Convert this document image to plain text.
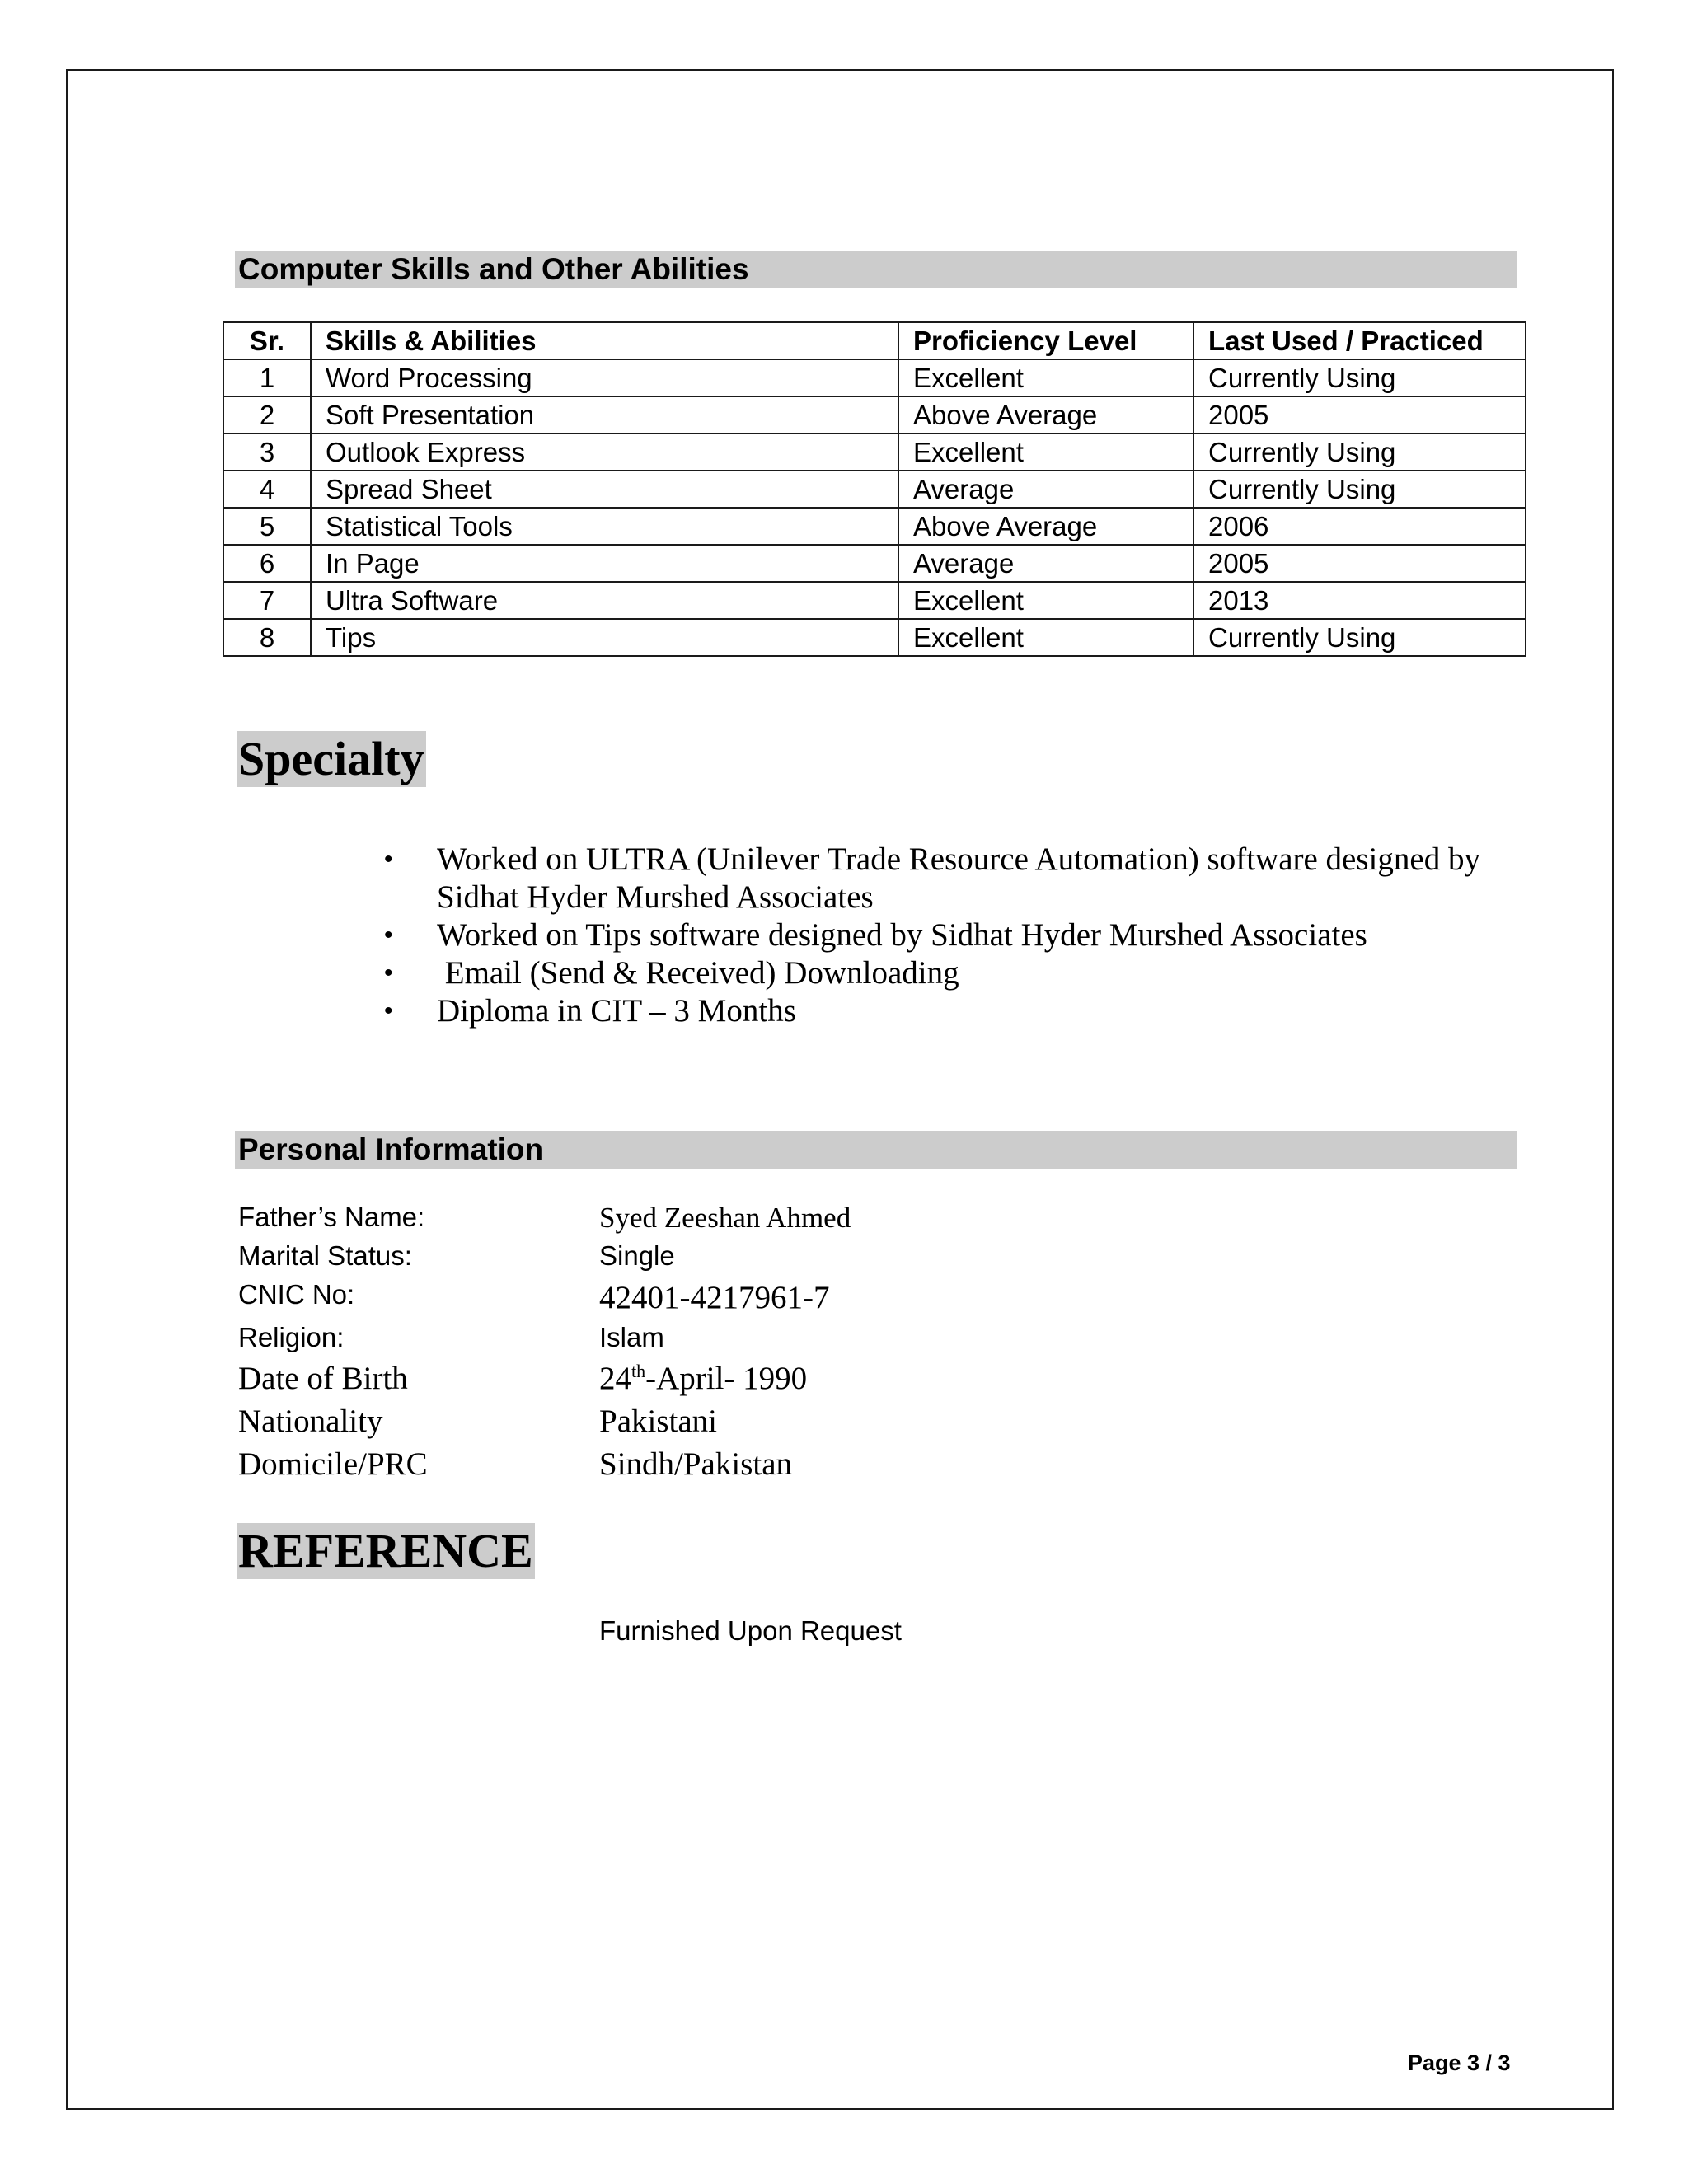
Computer Skills and Other Abilities
Sr.	Skills & Abilities	Proficiency Level	Last Used / Practiced
1	Word Processing	Excellent	Currently Using
2	Soft Presentation	Above Average	2005
3	Outlook Express	Excellent	Currently Using
4	Spread Sheet	Average	Currently Using
5	Statistical Tools	Above Average	2006
6	In Page	Average	2005
7	Ultra Software	Excellent	2013
8	Tips	Excellent	Currently Using
Specialty
• Worked on ULTRA (Unilever Trade Resource Automation) software designed by Sidhat Hyder Murshed Associates
• Worked on Tips software designed by Sidhat Hyder Murshed Associates
• Email (Send & Received) Downloading
• Diploma in CIT – 3 Months
Personal Information
Father’s Name:	Syed Zeeshan Ahmed
Marital Status:	Single
CNIC No:	42401-4217961-7
Religion:	Islam
Date of Birth	24th-April- 1990
Nationality	Pakistani
Domicile/PRC	Sindh/Pakistan
REFERENCE
Furnished Upon Request
Page 3 / 3
